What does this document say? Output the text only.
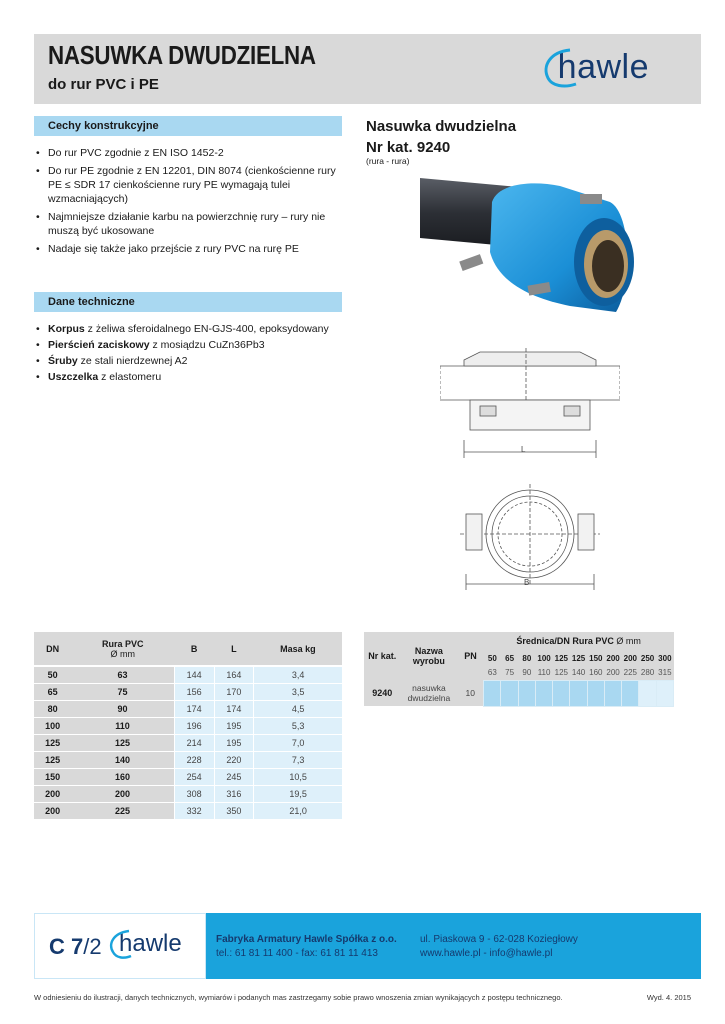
NASUWKA DWUDZIELNA
do rur PVC i PE	hawle
Cechy konstrukcyjne
• Do rur PVC zgodnie z EN ISO 1452-2
• Do rur PE zgodnie z EN 12201, DIN 8074 (cienkościenne rury PE ≤ SDR 17 cienkościenne rury PE wymagają tulei wzmacniających)
• Najmniejsze działanie karbu na powierzchnię rury – rury nie muszą być ukosowane
• Nadaje się także jako przejście z rury PVC na rurę PE
Dane techniczne
• Korpus z żeliwa sferoidalnego EN-GJS-400, epoksydowany
• Pierścień zaciskowy z mosiądzu CuZn36Pb3
• Śruby ze stali nierdzewnej A2
• Uszczelka z elastomeru
Nasuwka dwudzielna
Nr kat. 9240
(rura - rura)
L
B
DN	Rura PVC
Ø mm	B	L	Masa kg
50	63	144	164	3,4
65	75	156	170	3,5
80	90	174	174	4,5
100	110	196	195	5,3
125	125	214	195	7,0
125	140	228	220	7,3
150	160	254	245	10,5
200	200	308	316	19,5
200	225	332	350	21,0
Nr kat.	Nazwa wyrobu	PN	Średnica/DN Rura PVC Ø mm										
			50	65	80	100	125	125	150	200	200	250	300
			63	75	90	110	125	140	160	200	225	280	315
9240	nasuwka dwudzielna	10											
C 7/2 hawle	Fabryka Armatury Hawle Spółka z o.o.
tel.: 61 81 11 400 - fax: 61 81 11 413
ul. Piaskowa 9 - 62-028 Koziegłowy
www.hawle.pl - info@hawle.pl
W odniesieniu do ilustracji, danych technicznych, wymiarów i podanych mas zastrzegamy sobie prawo wnoszenia zmian wynikających z postępu technicznego.	Wyd. 4. 2015
